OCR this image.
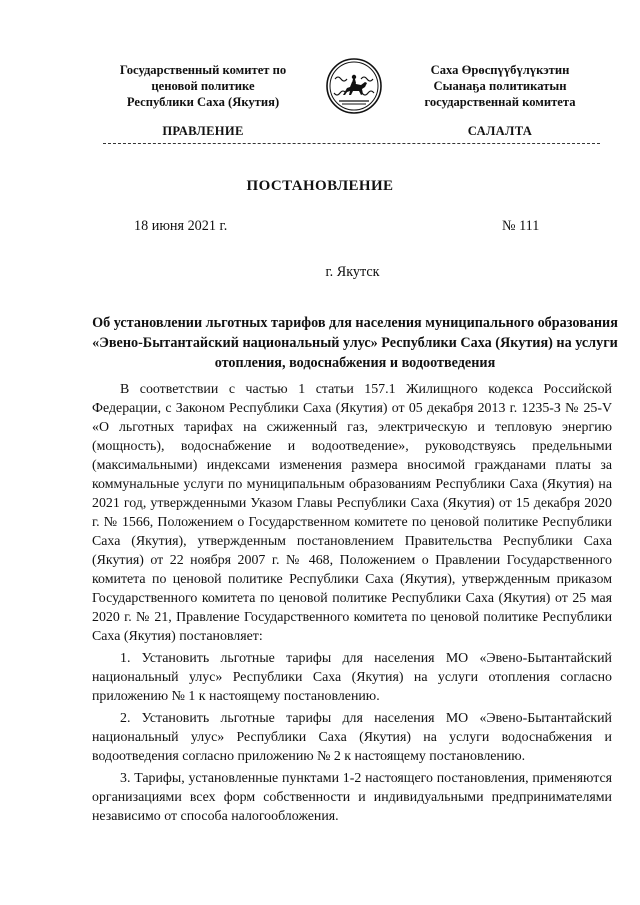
Государственный комитет по
ценовой политике
Республики Саха (Якутия)
Саха Өрөспүүбүлүкэтин
Сыанаҕа политикатын
государственнай комитета
ПРАВЛЕНИЕ	САЛАЛТА
ПОСТАНОВЛЕНИЕ
18 июня 2021 г.	№ 111
г. Якутск
Об установлении льготных тарифов для населения муниципального образования «Эвено-Бытантайский национальный улус» Республики Саха (Якутия) на услуги отопления, водоснабжения и водоотведения

В соответствии с частью 1 статьи 157.1 Жилищного кодекса Российской Федерации, с Законом Республики Саха (Якутия) от 05 декабря 2013 г. 1235-З № 25-V «О льготных тарифах на сжиженный газ, электрическую и тепловую энергию (мощность), водоснабжение и водоотведение», руководствуясь предельными (максимальными) индексами изменения размера вносимой гражданами платы за коммунальные услуги по муниципальным образованиям Республики Саха (Якутия) на 2021 год, утвержденными Указом Главы Республики Саха (Якутия) от 15 декабря 2020 г. № 1566, Положением о Государственном комитете по ценовой политике Республики Саха (Якутия), утвержденным постановлением Правительства Республики Саха (Якутия) от 22 ноября 2007 г. № 468, Положением о Правлении Государственного комитета по ценовой политике Республики Саха (Якутия), утвержденным приказом Государственного комитета по ценовой политике Республики Саха (Якутия) от 25 мая 2020 г. № 21, Правление Государственного комитета по ценовой политике Республики Саха (Якутия) постановляет:

1. Установить льготные тарифы для населения МО «Эвено-Бытантайский национальный улус» Республики Саха (Якутия) на услуги отопления согласно приложению № 1 к настоящему постановлению.

2. Установить льготные тарифы для населения МО «Эвено-Бытантайский национальный улус» Республики Саха (Якутия) на услуги водоснабжения и водоотведения согласно приложению № 2 к настоящему постановлению.

3. Тарифы, установленные пунктами 1-2 настоящего постановления, применяются организациями всех форм собственности и индивидуальными предпринимателями независимо от способа налогообложения.
